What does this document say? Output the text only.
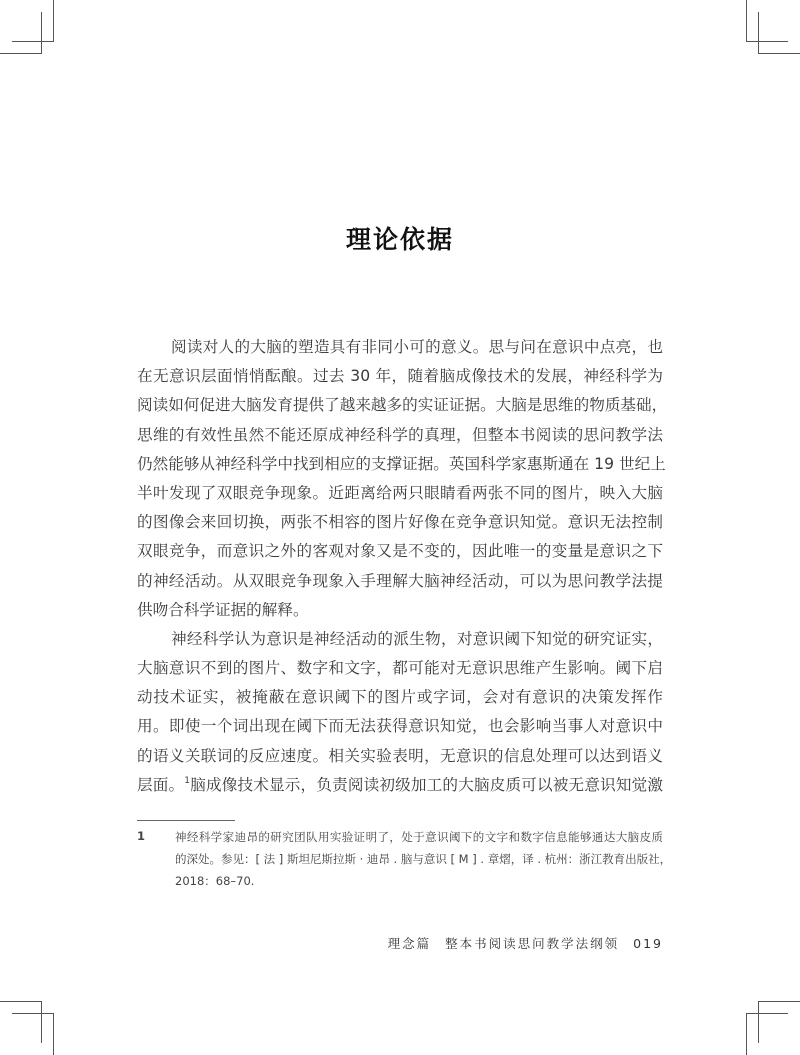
理论依据
阅读对人的大脑的塑造具有非同小可的意义。思与问在意识中点亮，也
在无意识层面悄悄酝酿。过去 30 年，随着脑成像技术的发展，神经科学为
阅读如何促进大脑发育提供了越来越多的实证证据。大脑是思维的物质基础，
思维的有效性虽然不能还原成神经科学的真理，但整本书阅读的思问教学法
仍然能够从神经科学中找到相应的支撑证据。英国科学家惠斯通在 19 世纪上
半叶发现了双眼竞争现象。近距离给两只眼睛看两张不同的图片，映入大脑
的图像会来回切换，两张不相容的图片好像在竞争意识知觉。意识无法控制
双眼竞争，而意识之外的客观对象又是不变的，因此唯一的变量是意识之下
的神经活动。从双眼竞争现象入手理解大脑神经活动，可以为思问教学法提
供吻合科学证据的解释。
神经科学认为意识是神经活动的派生物，对意识阈下知觉的研究证实，
大脑意识不到的图片、数字和文字，都可能对无意识思维产生影响。阈下启
动技术证实，被掩蔽在意识阈下的图片或字词，会对有意识的决策发挥作
用。即使一个词出现在阈下而无法获得意识知觉，也会影响当事人对意识中
的语义关联词的反应速度。相关实验表明，无意识的信息处理可以达到语义
层面。$^1$脑成像技术显示，负责阅读初级加工的大脑皮质可以被无意识知觉激
1	神经科学家迪昂的研究团队用实验证明了，处于意识阈下的文字和数字信息能够通达大脑皮质
的深处。参见：[ 法 ] 斯坦尼斯拉斯 · 迪昂 . 脑与意识 [ M ] . 章熠，译 . 杭州：浙江教育出版社，
2018：68–70.
理念篇 整本书阅读思问教学法纲领 019
